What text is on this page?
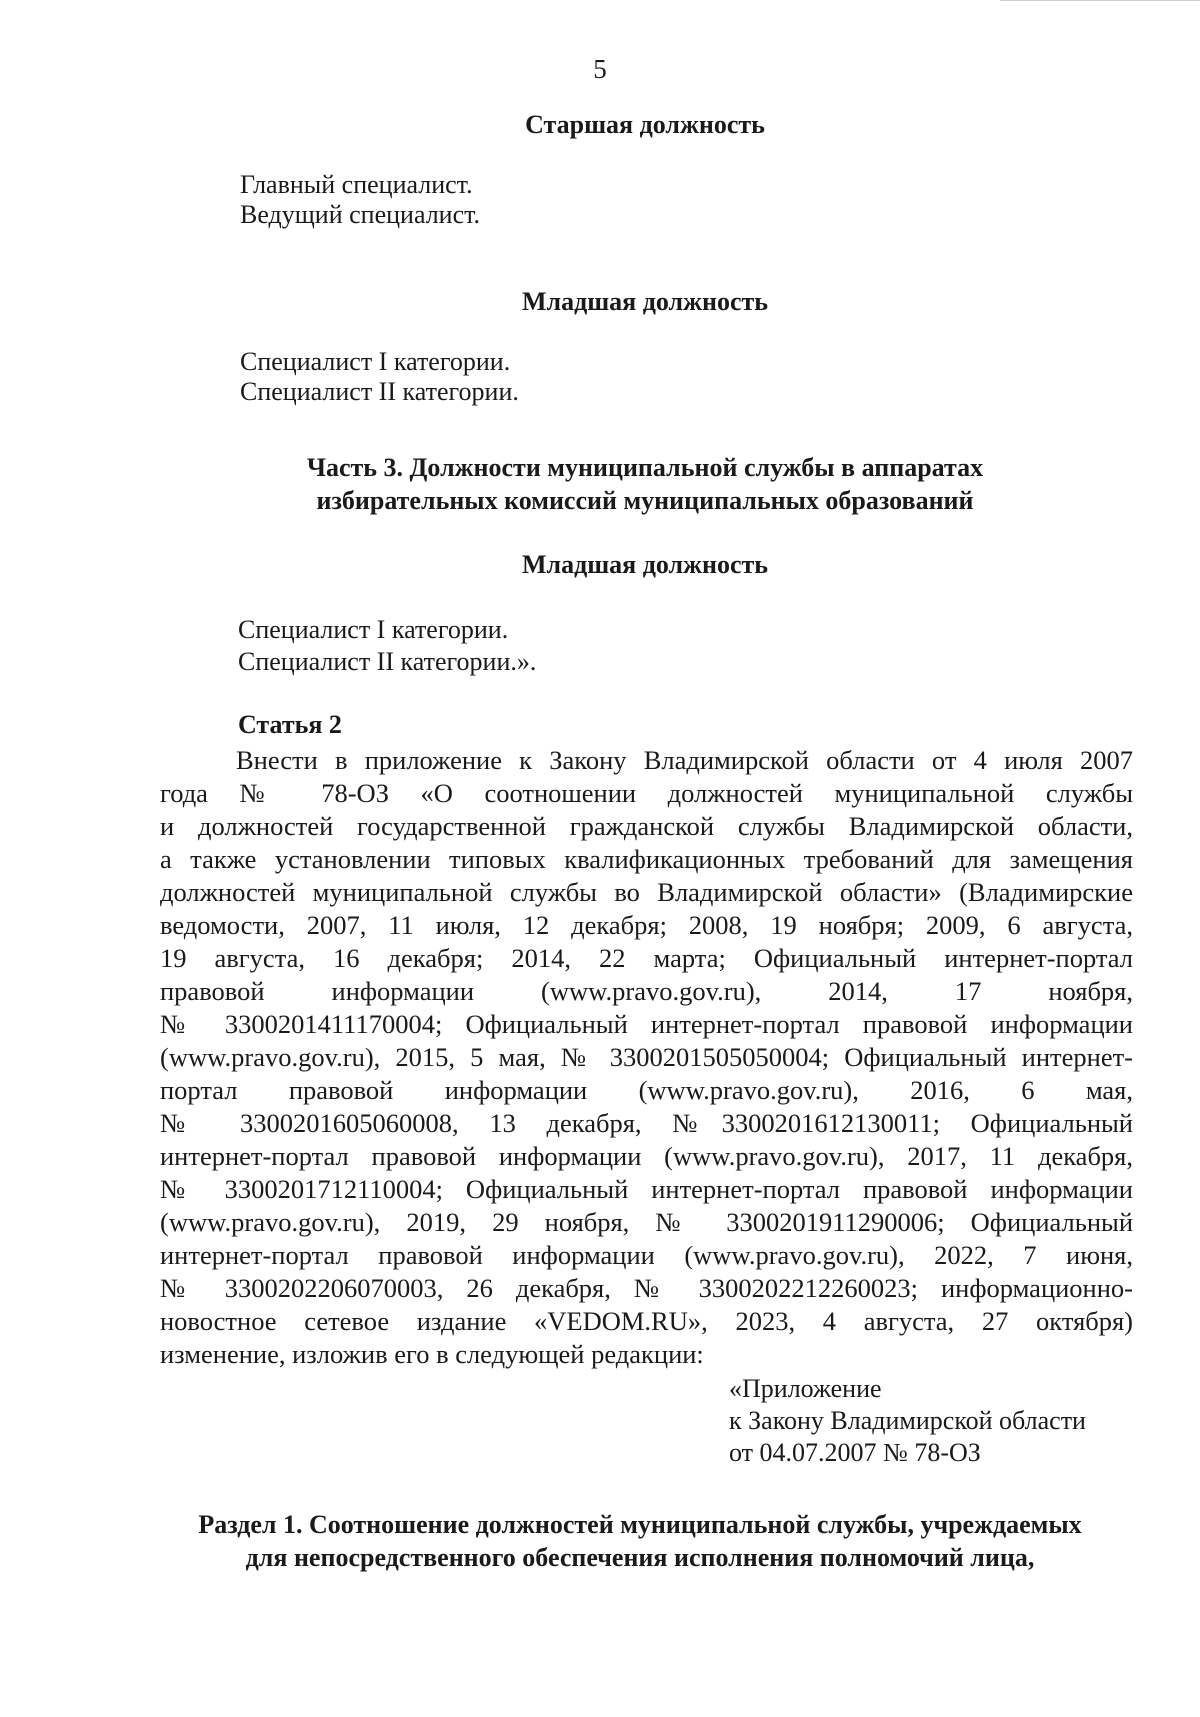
5
Старшая должность
Главный специалист.
Ведущий специалист.
Младшая должность
Специалист I категории.
Специалист II категории.
Часть 3. Должности муниципальной службы в аппаратах
избирательных комиссий муниципальных образований
Младшая должность
Специалист I категории.
Специалист II категории.».
Статья 2
Внести в приложение к Закону Владимирской области от 4 июля 2007
года № 78-ОЗ «О соотношении должностей муниципальной службы
и должностей государственной гражданской службы Владимирской области,
а также установлении типовых квалификационных требований для замещения
должностей муниципальной службы во Владимирской области» (Владимирские
ведомости, 2007, 11 июля, 12 декабря; 2008, 19 ноября; 2009, 6 августа,
19 августа, 16 декабря; 2014, 22 марта; Официальный интернет-портал
правовой информации (www.pravo.gov.ru), 2014, 17 ноября,
№ 3300201411170004; Официальный интернет-портал правовой информации
(www.pravo.gov.ru), 2015, 5 мая, № 3300201505050004; Официальный интернет-
портал правовой информации (www.pravo.gov.ru), 2016, 6 мая,
№ 3300201605060008, 13 декабря, №3300201612130011; Официальный
интернет-портал правовой информации (www.pravo.gov.ru), 2017, 11 декабря,
№ 3300201712110004; Официальный интернет-портал правовой информации
(www.pravo.gov.ru), 2019, 29 ноября, № 3300201911290006; Официальный
интернет-портал правовой информации (www.pravo.gov.ru), 2022, 7 июня,
№ 3300202206070003, 26 декабря, № 3300202212260023; информационно-
новостное сетевое издание «VEDOM.RU», 2023, 4 августа, 27 октября)
изменение, изложив его в следующей редакции:
«Приложение
к Закону Владимирской области
от 04.07.2007 № 78-ОЗ
Раздел 1. Соотношение должностей муниципальной службы, учреждаемых
для непосредственного обеспечения исполнения полномочий лица,
